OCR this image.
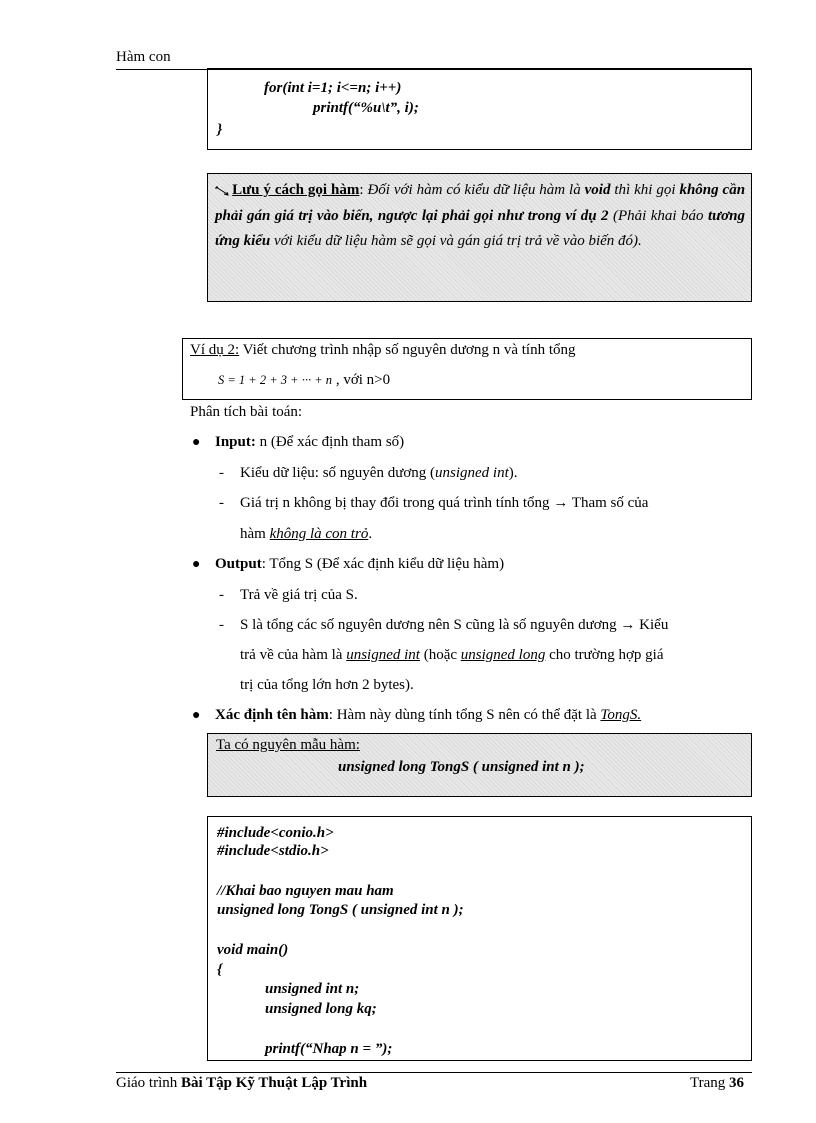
Hàm con
for(int i=1; i<=n; i++)
printf(“%u\t”, i);
}
Lưu ý cách gọi hàm: Đối với hàm có kiểu dữ liệu hàm là void thì khi gọi không cần phải gán giá trị vào biến, ngược lại phải gọi như trong ví dụ 2 (Phải khai báo tương ứng kiểu với kiểu dữ liệu hàm sẽ gọi và gán giá trị trả về vào biến đó).
Ví dụ 2: Viết chương trình nhập số nguyên dương n và tính tổng
S = 1 + 2 + 3 + ··· + n , với n>0
Phân tích bài toán:
● Input: n (Để xác định tham số)
- Kiểu dữ liệu: số nguyên dương (unsigned int).
- Giá trị n không bị thay đổi trong quá trình tính tổng → Tham số của
hàm không là con trỏ.
● Output: Tổng S (Để xác định kiểu dữ liệu hàm)
- Trả về giá trị của S.
- S là tổng các số nguyên dương nên S cũng là số nguyên dương → Kiểu
trả về của hàm là unsigned int (hoặc unsigned long cho trường hợp giá
trị của tổng lớn hơn 2 bytes).
● Xác định tên hàm: Hàm này dùng tính tổng S nên có thể đặt là TongS.
Ta có nguyên mẫu hàm:
unsigned long TongS ( unsigned int n );
#include<conio.h>
#include<stdio.h>
//Khai bao nguyen mau ham
unsigned long TongS ( unsigned int n );
void main()
{
unsigned int n;
unsigned long kq;
printf(“Nhap n = ”);
Giáo trình Bài Tập Kỹ Thuật Lập Trình	Trang 36
